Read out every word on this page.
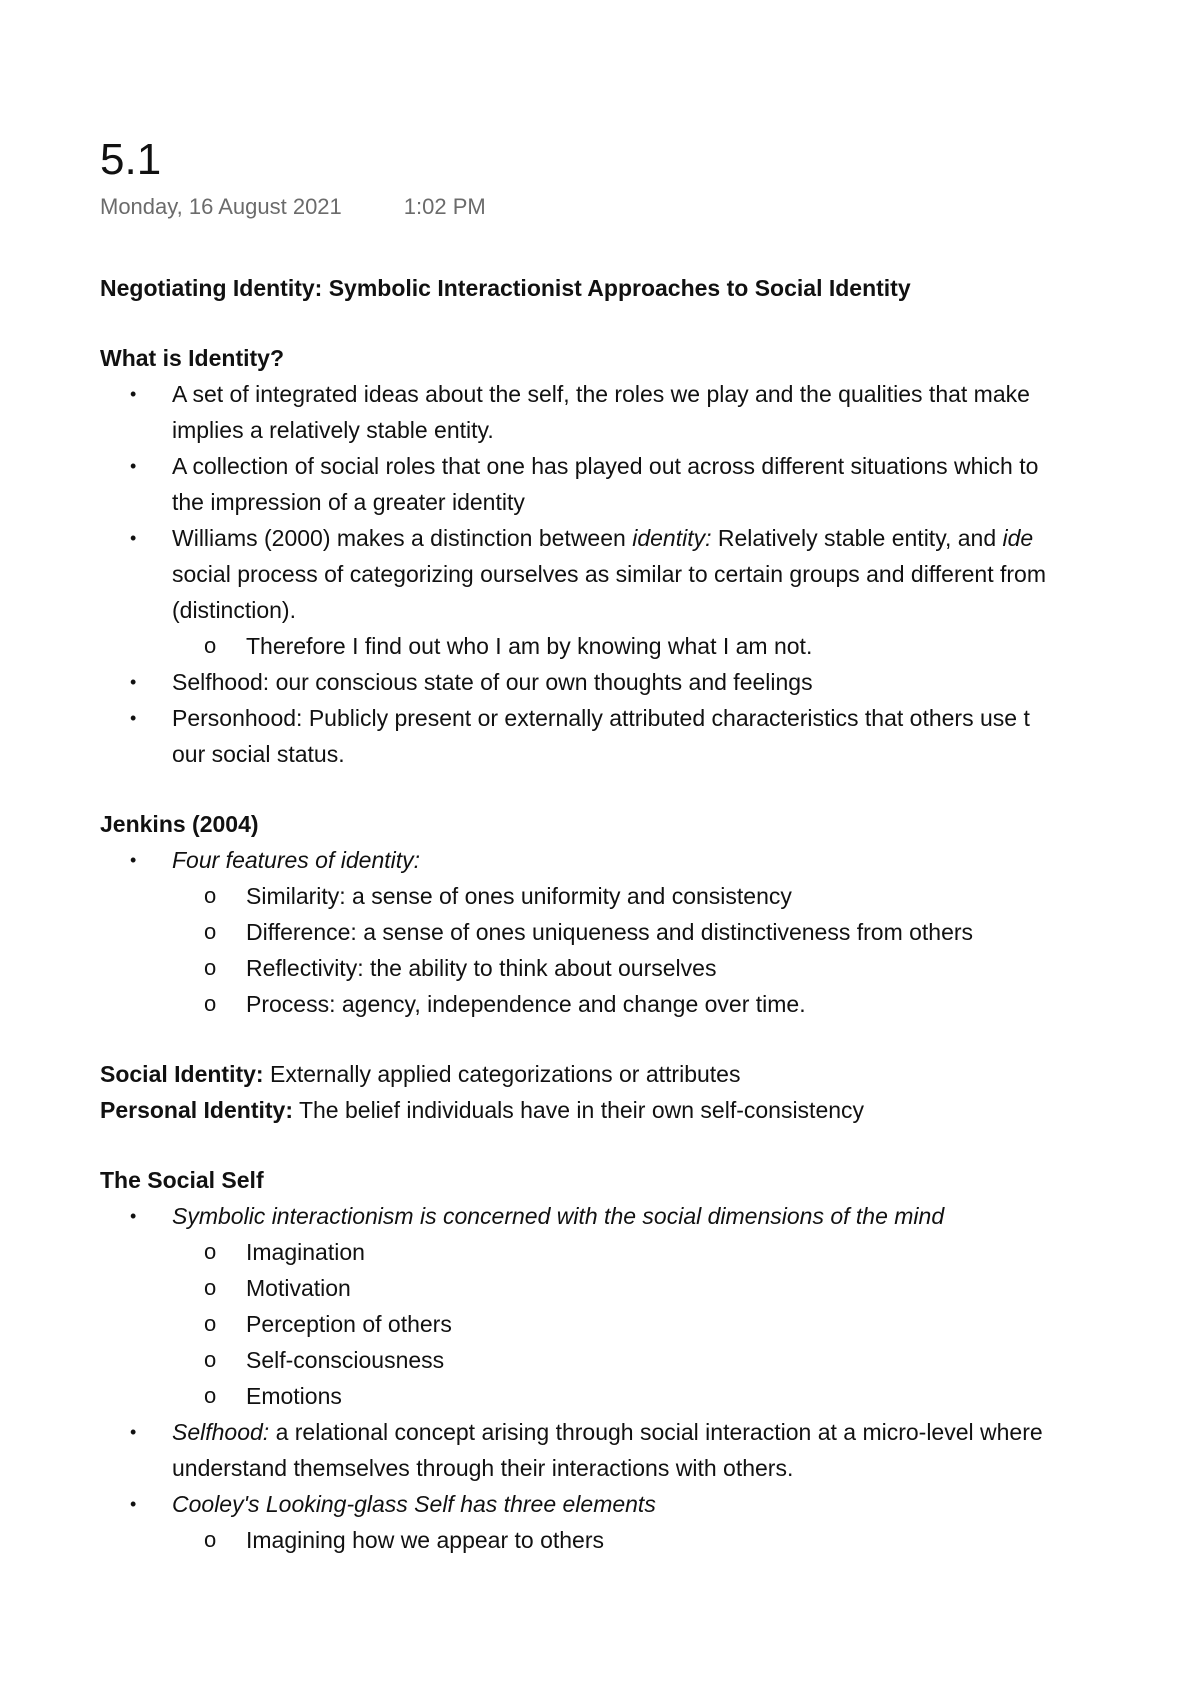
5.1
Monday, 16 August 2021	1:02 PM
Negotiating Identity: Symbolic Interactionist Approaches to Social Identity
What is Identity?
• A set of integrated ideas about the self, the roles we play and the qualities that make
implies a relatively stable entity.
• A collection of social roles that one has played out across different situations which to
the impression of a greater identity
• Williams (2000) makes a distinction between identity: Relatively stable entity, and ide
social process of categorizing ourselves as similar to certain groups and different from
(distinction).
o Therefore I find out who I am by knowing what I am not.
• Selfhood: our conscious state of our own thoughts and feelings
• Personhood: Publicly present or externally attributed characteristics that others use t
our social status.
Jenkins (2004)
• Four features of identity:
o Similarity: a sense of ones uniformity and consistency
o Difference: a sense of ones uniqueness and distinctiveness from others
o Reflectivity: the ability to think about ourselves
o Process: agency, independence and change over time.
Social Identity: Externally applied categorizations or attributes
Personal Identity: The belief individuals have in their own self-consistency
The Social Self
• Symbolic interactionism is concerned with the social dimensions of the mind
o Imagination
o Motivation
o Perception of others
o Self-consciousness
o Emotions
• Selfhood: a relational concept arising through social interaction at a micro-level where
understand themselves through their interactions with others.
• Cooley's Looking-glass Self has three elements
o Imagining how we appear to others
